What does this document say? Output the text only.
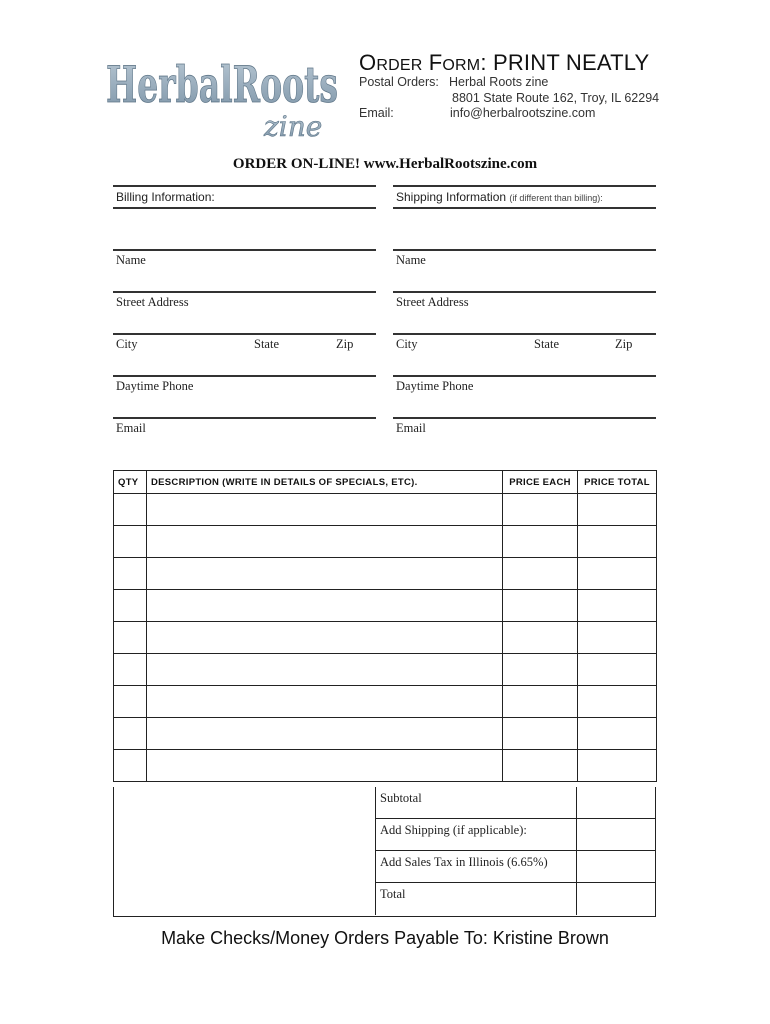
HerbalRoots
zine
ORDER FORM: PRINT NEATLY
Postal Orders: Herbal Roots zine
8801 State Route 162, Troy, IL 62294
Email:	info@herbalrootszine.com
ORDER ON-LINE! www.HerbalRootszine.com
Billing Information:	Shipping Information (if different than billing):
Name
Street Address
City	State	Zip
Daytime Phone
Email
Name
Street Address
City	State	Zip
Daytime Phone
Email
QTY	DESCRIPTION (WRITE IN DETAILS OF SPECIALS, ETC).	PRICE EACH	PRICE TOTAL

Subtotal
Add Shipping (if applicable):
Add Sales Tax in Illinois (6.65%)
Total
Make Checks/Money Orders Payable To: Kristine Brown
